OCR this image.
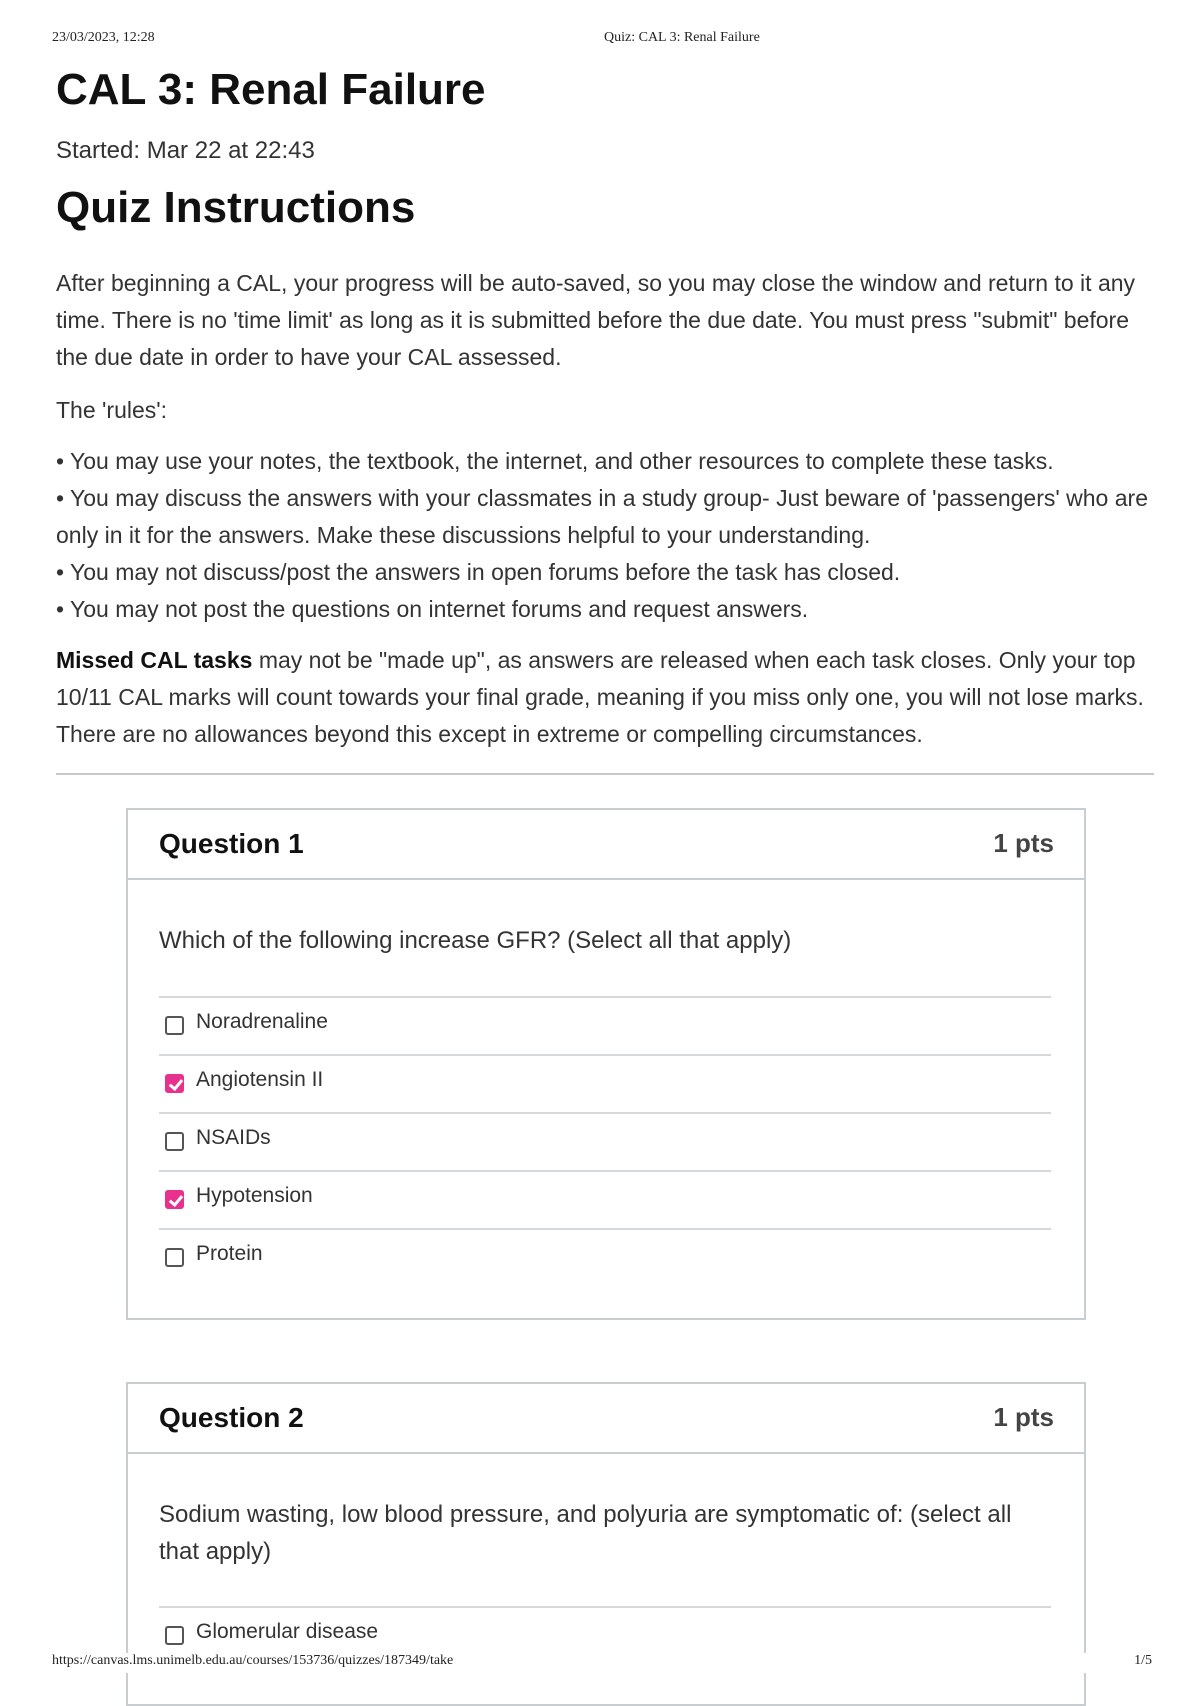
23/03/2023, 12:28	Quiz: CAL 3: Renal Failure
CAL 3: Renal Failure
Started: Mar 22 at 22:43
Quiz Instructions

After beginning a CAL, your progress will be auto-saved, so you may close the window and return to it any time. There is no 'time limit' as long as it is submitted before the due date. You must press "submit" before the due date in order to have your CAL assessed.

The 'rules':

• You may use your notes, the textbook, the internet, and other resources to complete these tasks.
• You may discuss the answers with your classmates in a study group- Just beware of 'passengers' who are only in it for the answers. Make these discussions helpful to your understanding.
• You may not discuss/post the answers in open forums before the task has closed.
• You may not post the questions on internet forums and request answers.

Missed CAL tasks may not be "made up", as answers are released when each task closes. Only your top 10/11 CAL marks will count towards your final grade, meaning if you miss only one, you will not lose marks. There are no allowances beyond this except in extreme or compelling circumstances.

Question 1	1 pts
Which of the following increase GFR? (Select all that apply)
Noradrenaline
Angiotensin II
NSAIDs
Hypotension
Protein
Question 2	1 pts
Sodium wasting, low blood pressure, and polyuria are symptomatic of: (select all that apply)
Glomerular disease
https://canvas.lms.unimelb.edu.au/courses/153736/quizzes/187349/take	1/5
